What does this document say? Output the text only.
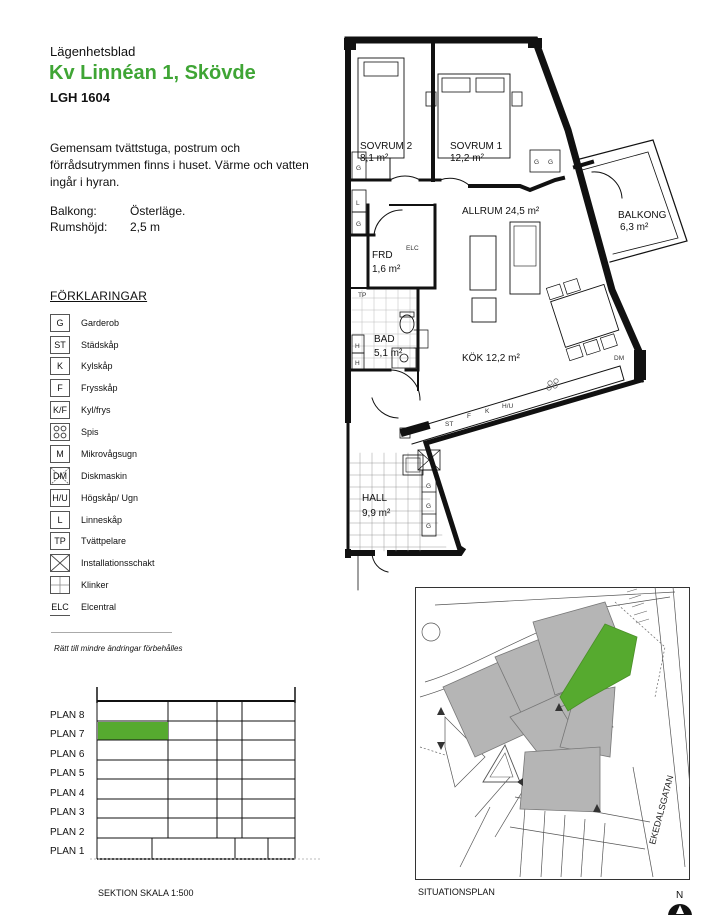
Lägenhetsblad
Kv Linnéan 1, Skövde
LGH 1604
Gemensam tvättstuga, postrum och förrådsutrymmen finns i huset. Värme och vatten ingår i hyran.
Balkong:	Österläge.
Rumshöjd: 2,5 m
FÖRKLARINGAR
G	Garderob
ST	Städskåp
K	Kylskåp
F	Frysskåp
K/F	Kyl/frys
Spis
M	Mikrovågsugn
DM Diskmaskin
H/U Högskåp/ Ugn
L	Linneskåp
TP	Tvättpelare
Installationsschakt
Klinker
ELC Elcentral
Rätt till mindre ändringar förbehålles
PLAN 8
PLAN 7
PLAN 6
PLAN 5
PLAN 4
PLAN 3
PLAN 2
PLAN 1
SEKTION SKALA 1:500
SOVRUM 2
8,1 m²
SOVRUM 1
12,2 m²
ALLRUM 24,5 m²	BALKONG
6,3 m²
FRD
1,6 m²
BAD
5,1 m²	KÖK 12,2 m²
HALL
9,9 m²
G
L
G
G G
TP
ELC
H
H
ST
F
K
H/U
DM
G
G
G
EKEDALSGATAN
SITUATIONSPLAN	N
